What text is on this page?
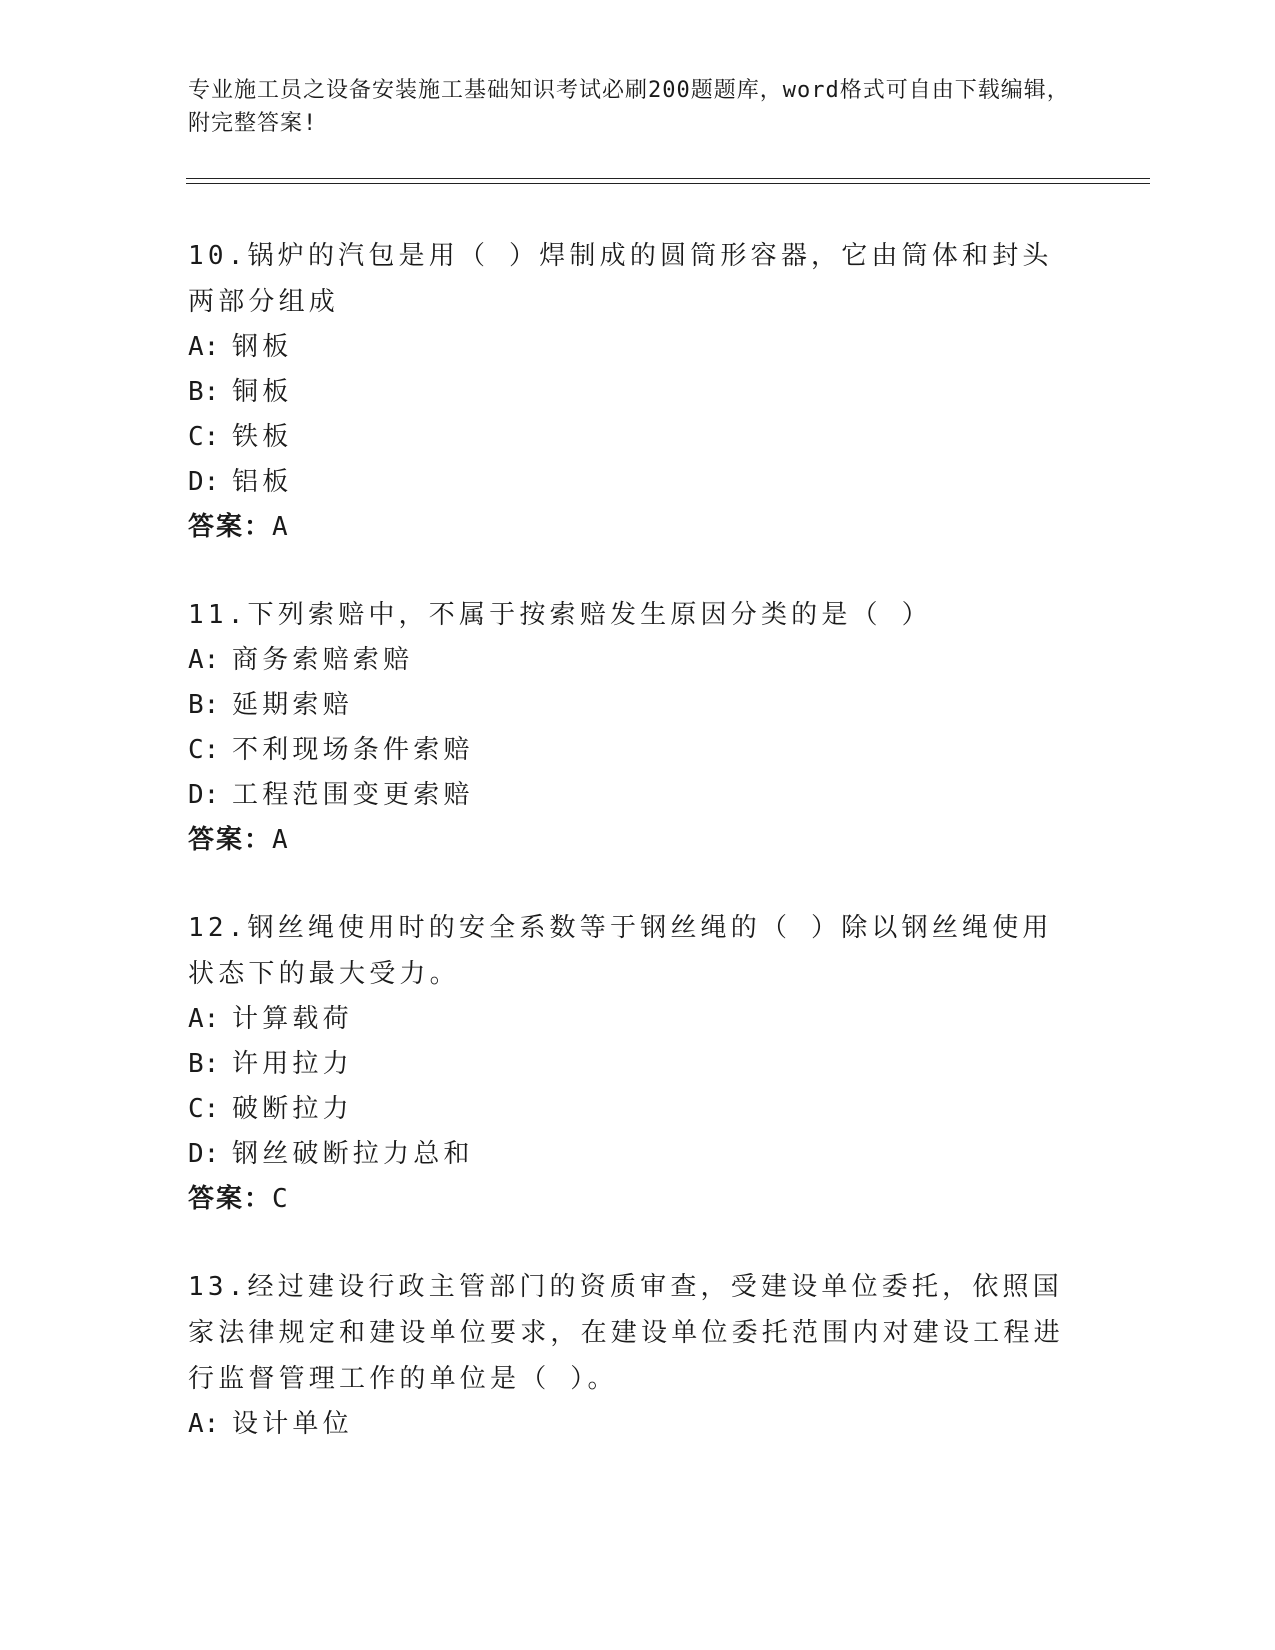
专业施工员之设备安装施工基础知识考试必刷200题题库，word格式可自由下载编辑，附完整答案!
10.锅炉的汽包是用（ ）焊制成的圆筒形容器，它由筒体和封头两部分组成
A: 钢板
B: 铜板
C: 铁板
D: 铝板
答案：A
11.下列索赔中，不属于按索赔发生原因分类的是（ ）
A: 商务索赔索赔
B: 延期索赔
C: 不利现场条件索赔
D: 工程范围变更索赔
答案：A
12.钢丝绳使用时的安全系数等于钢丝绳的（ ）除以钢丝绳使用状态下的最大受力。
A: 计算载荷
B: 许用拉力
C: 破断拉力
D: 钢丝破断拉力总和
答案：C
13.经过建设行政主管部门的资质审查，受建设单位委托，依照国家法律规定和建设单位要求，在建设单位委托范围内对建设工程进行监督管理工作的单位是（ ）。
A: 设计单位
